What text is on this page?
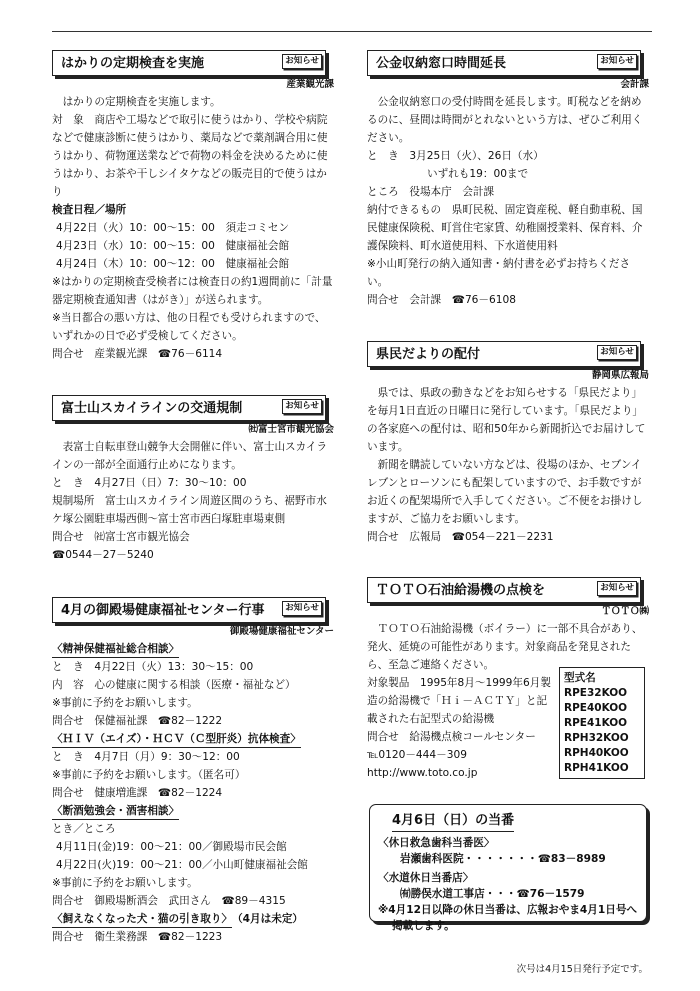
はかりの定期検査を実施	お知らせ
産業観光課

はかりの定期検査を実施します。

対　象　商店や工場などで取引に使うはかり、学校や病院などで健康診断に使うはかり、薬局などで薬剤調合用に使うはかり、荷物運送業などで荷物の料金を決めるために使うはかり、お茶や干しシイタケなどの販売目的で使うはかり

検査日程／場所

4月22日（火）10：00～15：00　須走コミセン

4月23日（水）10：00～15：00　健康福祉会館

4月24日（木）10：00～12：00　健康福祉会館

※はかりの定期検査受検者には検査日の約1週間前に「計量器定期検査通知書（はがき）」が送られます。

※当日都合の悪い方は、他の日程でも受けられますので、いずれかの日で必ず受検してください。

問合せ　産業観光課　☎76－6114

富士山スカイラインの交通規制	お知らせ
㈳富士宮市観光協会

表富士自転車登山競争大会開催に伴い、富士山スカイラインの一部が全面通行止めになります。

と　き　4月27日（日）7：30～10：00

規制場所　富士山スカイライン周遊区間のうち、裾野市水ケ塚公園駐車場西側～富士宮市西臼塚駐車場東側

問合せ　㈳富士宮市観光協会

☎0544－27－5240

4月の御殿場健康福祉センター行事	お知らせ
御殿場健康福祉センター

〈精神保健福祉総合相談〉

と　き　4月22日（火）13：30～15：00

内　容　心の健康に関する相談（医療・福祉など）

※事前に予約をお願いします。

問合せ　保健福祉課　☎82－1222

〈ＨＩＶ（エイズ）・ＨＣＶ（Ｃ型肝炎）抗体検査〉

と　き　4月7日（月）9：30～12：00

※事前に予約をお願いします。（匿名可）

問合せ　健康増進課　☎82－1224

〈断酒勉強会・酒害相談〉

とき／ところ

4月11日(金)19：00～21：00／御殿場市民会館

4月22日(火)19：00～21：00／小山町健康福祉会館

※事前に予約をお願いします。

問合せ　御殿場断酒会　武田さん　☎89－4315

〈飼えなくなった犬・猫の引き取り〉（4月は未定）

問合せ　衛生業務課　☎82－1223

公金収納窓口時間延長	お知らせ
会計課

公金収納窓口の受付時間を延長します。町税などを納めるのに、昼間は時間がとれないという方は、ぜひご利用ください。

と　き　3月25日（火）、26日（水）

いずれも19：00まで

ところ　役場本庁　会計課

納付できるもの　県町民税、固定資産税、軽自動車税、国民健康保険税、町営住宅家賃、幼稚園授業料、保育料、介護保険料、町水道使用料、下水道使用料

※小山町発行の納入通知書・納付書を必ずお持ちください。

問合せ　会計課　☎76－6108

県民だよりの配付	お知らせ
静岡県広報局

県では、県政の動きなどをお知らせする「県民だより」を毎月1日直近の日曜日に発行しています。「県民だより」の各家庭への配付は、昭和50年から新聞折込でお届けしています。

新聞を購読していない方などは、役場のほか、セブンイレブンとローソンにも配架していますので、お手数ですがお近くの配架場所で入手してください。ご不便をお掛けしますが、ご協力をお願いします。

問合せ　広報局　☎054－221－2231

ＴＯＴＯ石油給湯機の点検を	お知らせ
ＴＯＴＯ㈱

ＴＯＴＯ石油給湯機（ボイラー）に一部不具合があり、発火、延焼の可能性があります。対象商品を発見されたら、至急ご連絡ください。

対象製品　1995年8月～1999年6月製造の給湯機で「Ｈｉ－ＡＣＴＹ」と記載された右記型式の給湯機

問合せ　給湯機点検コールセンター

℡0120－444－309

http://www.toto.co.jp

型式名
RPE32KOO
RPE40KOO
RPE41KOO
RPH32KOO
RPH40KOO
RPH41KOO
4月6日（日）の当番
〈休日救急歯科当番医〉
岩瀬歯科医院・・・・・・・☎83－8989
〈水道休日当番店〉
㈲勝俣水道工事店・・・☎76－1579
※4月12日以降の休日当番は、広報おやま4月1日号へ掲載します。
次号は4月15日発行予定です。
